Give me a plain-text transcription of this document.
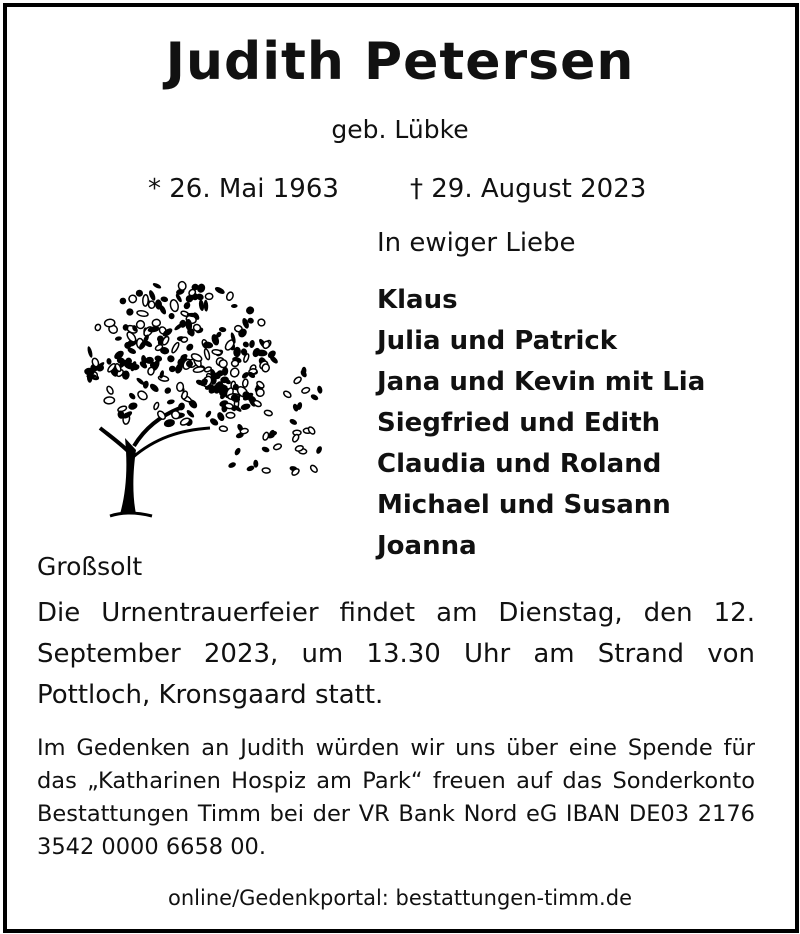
Judith Petersen
geb. Lübke
* 26. Mai 1963	† 29. August 2023
In ewiger Liebe
Klaus
Julia und Patrick
Jana und Kevin mit Lia
Siegfried und Edith
Claudia und Roland
Michael und Susann
Joanna
Großsolt

Die Urnentrauerfeier findet am Dienstag, den 12. September 2023, um 13.30 Uhr am Strand von Pottloch, Kronsgaard statt.

Im Gedenken an Judith würden wir uns über eine Spende für das „Katharinen Hospiz am Park“ freuen auf das Sonderkonto Bestattungen Timm bei der VR Bank Nord eG IBAN DE03 2176 3542 0000 6658 00.

online/Gedenkportal: bestattungen-timm.de
